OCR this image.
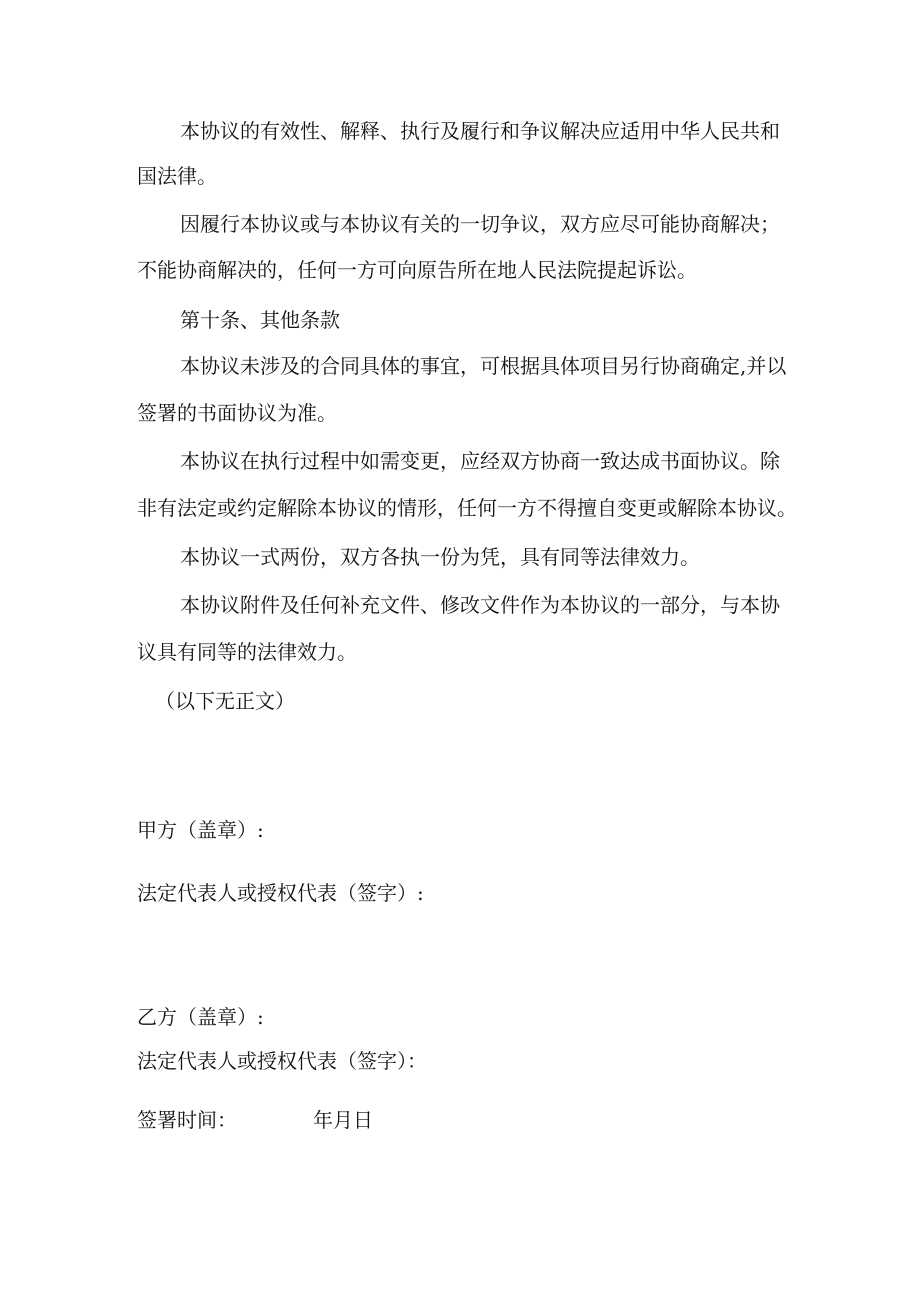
本协议的有效性、解释、执行及履行和争议解决应适用中华人民共和
国法律。
因履行本协议或与本协议有关的一切争议，双方应尽可能协商解决；
不能协商解决的，任何一方可向原告所在地人民法院提起诉讼。
第十条、其他条款
本协议未涉及的合同具体的事宜，可根据具体项目另行协商确定,并以
签署的书面协议为准。
本协议在执行过程中如需变更，应经双方协商一致达成书面协议。除
非有法定或约定解除本协议的情形，任何一方不得擅自变更或解除本协议。
本协议一式两份，双方各执一份为凭，具有同等法律效力。
本协议附件及任何补充文件、修改文件作为本协议的一部分，与本协
议具有同等的法律效力。
（以下无正文）
甲方（盖章）:
法定代表人或授权代表（签字）:
乙方（盖章）:
法定代表人或授权代表（签字）：
签署时间：	年月日
